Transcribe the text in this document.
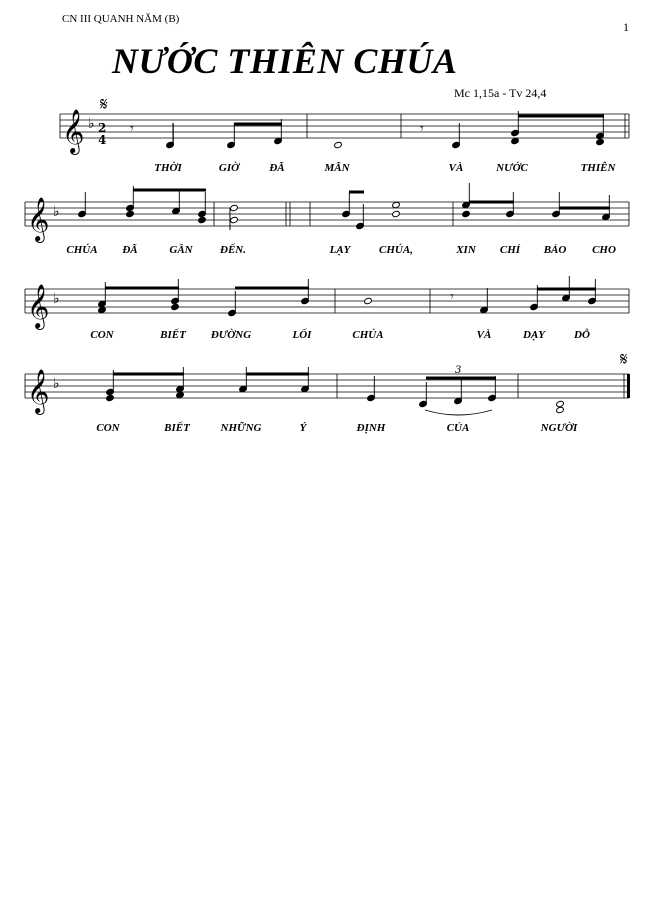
CN III QUANH NĂM (B)
1
NƯỚC THIÊN CHÚA
Mc 1,15a - Tv 24,4
𝄞 ♭
𝄞 ♭
𝄞 ♭
𝄞 ♭
2
4
𝄋
𝄋
𝄾	𝄾
𝄾
3
THỜI	GIỜ	ĐÃ	MÃN	VÀ	NƯỚC	THIÊN
CHÚA ĐÃ	GẦN ĐẾN.	LẠY	CHÚA,	XIN CHỈ BẢO CHO
CON	BIẾT ĐƯỜNG	LỐI	CHÚA	VÀ	DẠY	DỖ
CON	BIẾT	NHỮNG	Ý	ĐỊNH	CỦA	NGƯỜI
